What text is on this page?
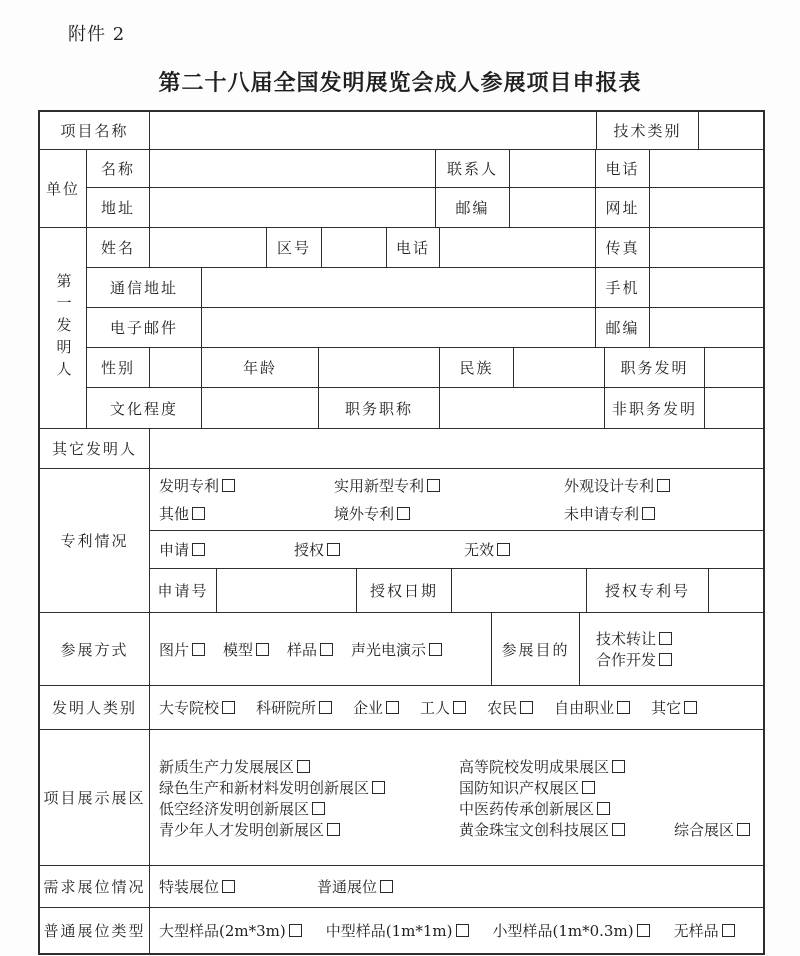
附件 2
第二十八届全国发明展览会成人参展项目申报表
项目名称	技术类别
单位
名称	联系人	电话
地址	邮编	网址
第一发明人
姓名	区号	电话	传真
通信地址	手机
电子邮件	邮编
性别	年龄	民族	职务发明
文化程度	职务职称	非职务发明
其它发明人
专利情况
发明专利	实用新型专利	外观设计专利
其他	境外专利	未申请专利
申请	授权	无效
申请号	授权日期	授权专利号
参展方式	图片 模型 样品 声光电演示	参展目的
技术转让
合作开发
发明人类别	大专院校 科研院所 企业 工人 农民 自由职业 其它
项目展示展区
新质生产力发展展区	高等院校发明成果展区
绿色生产和新材料发明创新展区	国防知识产权展区
低空经济发明创新展区	中医药传承创新展区
青少年人才发明创新展区	黄金珠宝文创科技展区	综合展区
需求展位情况 特装展位	普通展位
普通展位类型 大型样品(2m*3m)	中型样品(1m*1m)	小型样品(1m*0.3m)	无样品
